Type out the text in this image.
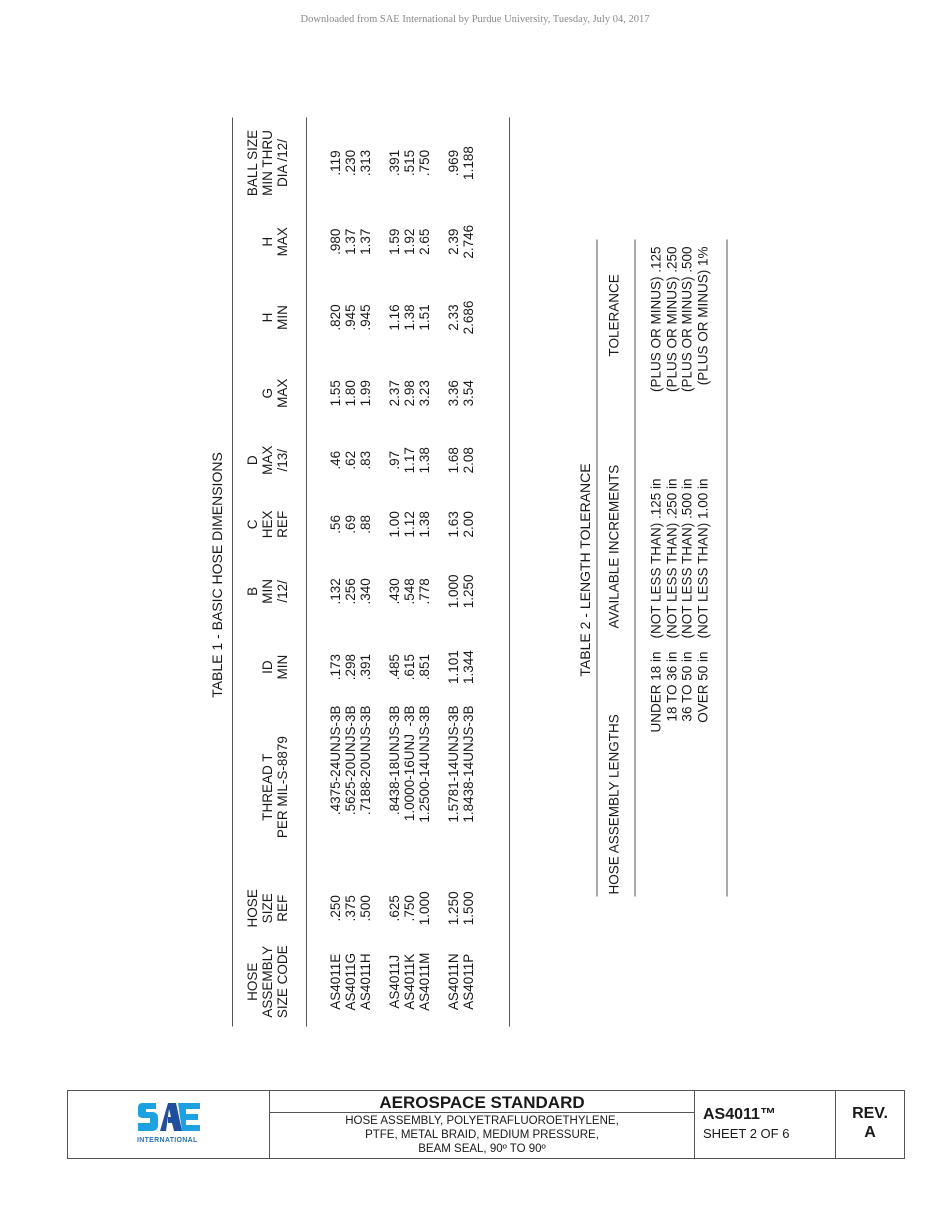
Downloaded from SAE International by Purdue University, Tuesday, July 04, 2017
TABLE 1 - BASIC HOSE DIMENSIONS
HOSE ASSEMBLY SIZE CODE
HOSE SIZE REF
THREAD T PER MIL-S-8879
ID MIN
B MIN /12/
C HEX REF
D MAX /13/
G MAX
H MIN
H MAX
BALL SIZE MIN THRU DIA /12/
AS4011E AS4011G AS4011H AS4011J AS4011K AS4011M AS4011N AS4011P
.250 .375 .500 .625 .750 1.000 1.250 1.500
.4375-24UNJS-3B .5625-20UNJS-3B .7188-20UNJS-3B .8438-18UNJS-3B 1.0000-16UNJ  -3B 1.2500-14UNJS-3B 1.5781-14UNJS-3B 1.8438-14UNJS-3B
.173 .298 .391 .485 .615 .851 1.101 1.344
.132 .256 .340 .430 .548 .778 1.000 1.250
.56 .69 .88 1.00 1.12 1.38 1.63 2.00
.46 .62 .83 .97 1.17 1.38 1.68 2.08
1.55 1.80 1.99 2.37 2.98 3.23 3.36 3.54
.820 .945 .945 1.16 1.38 1.51 2.33 2.686
.980 1.37 1.37 1.59 1.92 2.65 2.39 2.746
.119 .230 .313 .391 .515 .750 .969 1.188
TABLE 2 - LENGTH TOLERANCE
HOSE ASSEMBLY LENGTHS
AVAILABLE INCREMENTS
TOLERANCE
UNDER 18 in 18 TO 36 in 36 TO 50 in OVER 50 in
(NOT LESS THAN) .125 in (NOT LESS THAN) .250 in (NOT LESS THAN) .500 in (NOT LESS THAN) 1.00 in
(PLUS OR MINUS) .125 (PLUS OR MINUS) .250 (PLUS OR MINUS) .500 (PLUS OR MINUS) 1%
INTERNATIONAL
AEROSPACE STANDARD
HOSE ASSEMBLY, POLYETRAFLUOROETHYLENE,
PTFE, METAL BRAID, MEDIUM PRESSURE,
BEAM SEAL, 90º TO 90º
AS4011™
SHEET 2 OF 6
REV.
A
